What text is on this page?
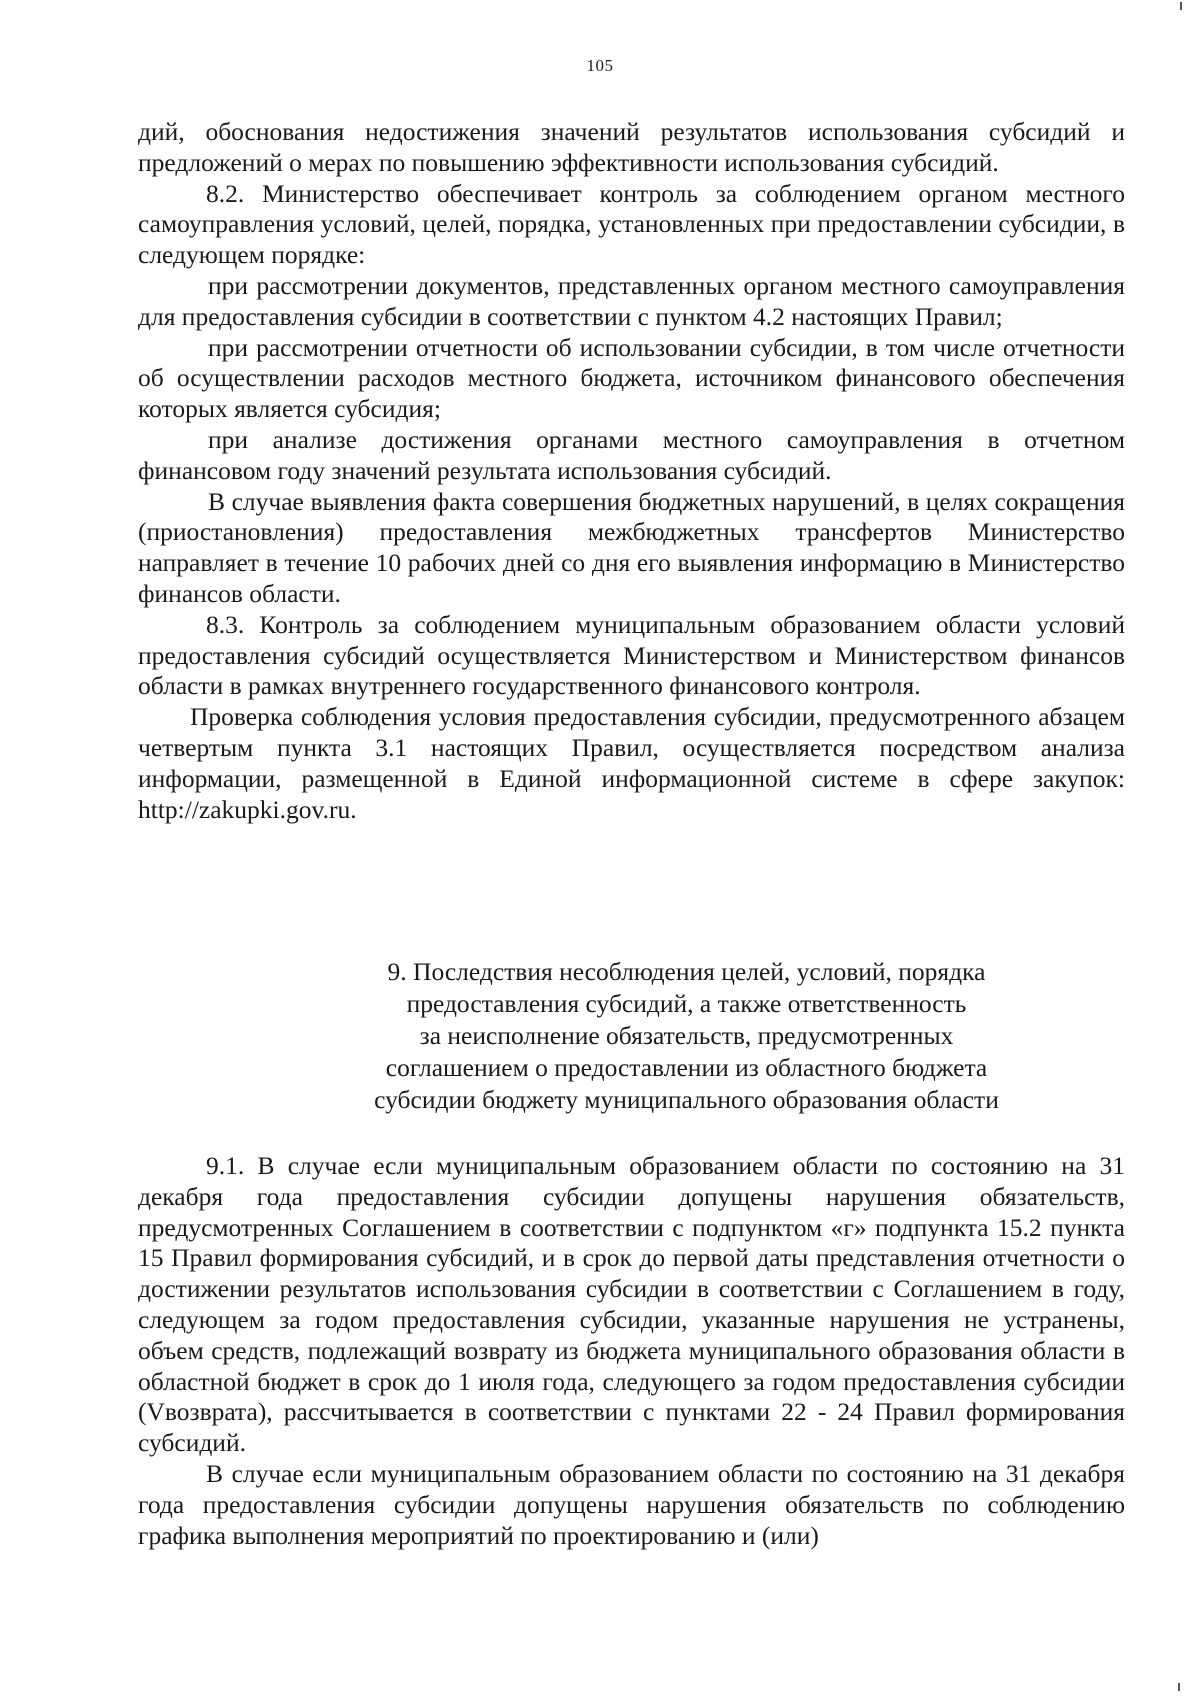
105

дий, обоснования недостижения значений результатов использования субсидий и предложений о мерах по повышению эффективности использования субсидий.

8.2. Министерство обеспечивает контроль за соблюдением органом местного самоуправления условий, целей, порядка, установленных при предоставлении субсидии, в следующем порядке:

при рассмотрении документов, представленных органом местного самоуправления для предоставления субсидии в соответствии с пунктом 4.2 настоящих Правил;

при рассмотрении отчетности об использовании субсидии, в том числе отчетности об осуществлении расходов местного бюджета, источником финансового обеспечения которых является субсидия;

при анализе достижения органами местного самоуправления в отчетном финансовом году значений результата использования субсидий.

В случае выявления факта совершения бюджетных нарушений, в целях сокращения (приостановления) предоставления межбюджетных трансфертов Министерство направляет в течение 10 рабочих дней со дня его выявления информацию в Министерство финансов области.

8.3. Контроль за соблюдением муниципальным образованием области условий предоставления субсидий осуществляется Министерством и Министерством финансов области в рамках внутреннего государственного финансового контроля.

Проверка соблюдения условия предоставления субсидии, предусмотренного абзацем четвертым пункта 3.1 настоящих Правил, осуществляется посредством анализа информации, размещенной в Единой информационной системе в сфере закупок: http://zakupki.gov.ru.

9. Последствия несоблюдения целей, условий, порядка

предоставления субсидий, а также ответственность

за неисполнение обязательств, предусмотренных

соглашением о предоставлении из областного бюджета

субсидии бюджету муниципального образования области

9.1. В случае если муниципальным образованием области по состоянию на 31 декабря года предоставления субсидии допущены нарушения обязательств, предусмотренных Соглашением в соответствии с подпунктом «г» подпункта 15.2 пункта 15 Правил формирования субсидий, и в срок до первой даты представления отчетности о достижении результатов использования субсидии в соответствии с Соглашением в году, следующем за годом предоставления субсидии, указанные нарушения не устранены, объем средств, подлежащий возврату из бюджета муниципального образования области в областной бюджет в срок до 1 июля года, следующего за годом предоставления субсидии (Vвозврата), рассчитывается в соответствии с пунктами 22 - 24 Правил формирования субсидий.

В случае если муниципальным образованием области по состоянию на 31 декабря года предоставления субсидии допущены нарушения обязательств по соблюдению графика выполнения мероприятий по проектированию и (или)
